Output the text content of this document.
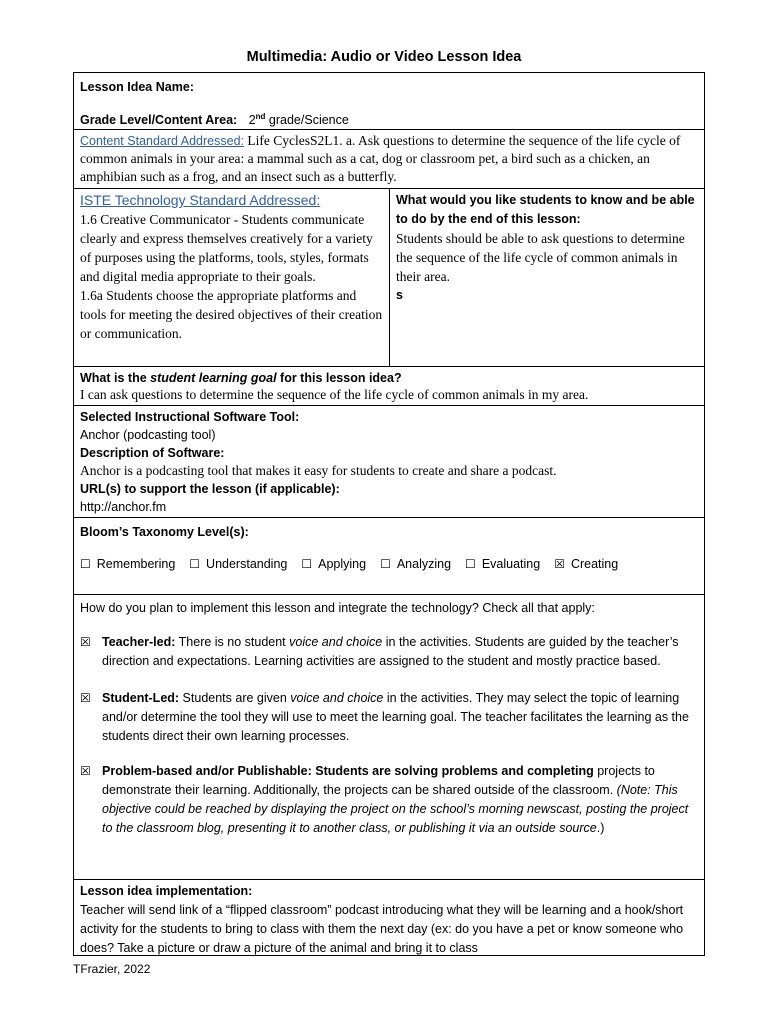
Multimedia: Audio or Video Lesson Idea
Lesson Idea Name:
Grade Level/Content Area: 2nd grade/Science
Content Standard Addressed: Life CyclesS2L1. a. Ask questions to determine the sequence of the life cycle of common animals in your area: a mammal such as a cat, dog or classroom pet, a bird such as a chicken, an amphibian such as a frog, and an insect such as a butterfly.
ISTE Technology Standard Addressed:
1.6 Creative Communicator - Students communicate clearly and express themselves creatively for a variety of purposes using the platforms, tools, styles, formats and digital media appropriate to their goals.
1.6a Students choose the appropriate platforms and tools for meeting the desired objectives of their creation or communication.
What would you like students to know and be able to do by the end of this lesson:
Students should be able to ask questions to determine the sequence of the life cycle of common animals in their area.
s
What is the student learning goal for this lesson idea?
I can ask questions to determine the sequence of the life cycle of common animals in my area.
Selected Instructional Software Tool:
Anchor (podcasting tool)
Description of Software:
Anchor is a podcasting tool that makes it easy for students to create and share a podcast.
URL(s) to support the lesson (if applicable):
http://anchor.fm
Bloom’s Taxonomy Level(s):
☐ Remembering ☐ Understanding ☐ Applying ☐ Analyzing ☐ Evaluating ☒ Creating
How do you plan to implement this lesson and integrate the technology? Check all that apply:
☒ Teacher-led: There is no student voice and choice in the activities. Students are guided by the teacher’s direction and expectations. Learning activities are assigned to the student and mostly practice based.
☒ Student-Led: Students are given voice and choice in the activities. They may select the topic of learning and/or determine the tool they will use to meet the learning goal. The teacher facilitates the learning as the students direct their own learning processes.
☒ Problem-based and/or Publishable: Students are solving problems and completing projects to demonstrate their learning. Additionally, the projects can be shared outside of the classroom. (Note: This objective could be reached by displaying the project on the school’s morning newscast, posting the project to the classroom blog, presenting it to another class, or publishing it via an outside source.)
Lesson idea implementation:
Teacher will send link of a “flipped classroom” podcast introducing what they will be learning and a hook/short activity for the students to bring to class with them the next day (ex: do you have a pet or know someone who does? Take a picture or draw a picture of the animal and bring it to class
TFrazier, 2022
